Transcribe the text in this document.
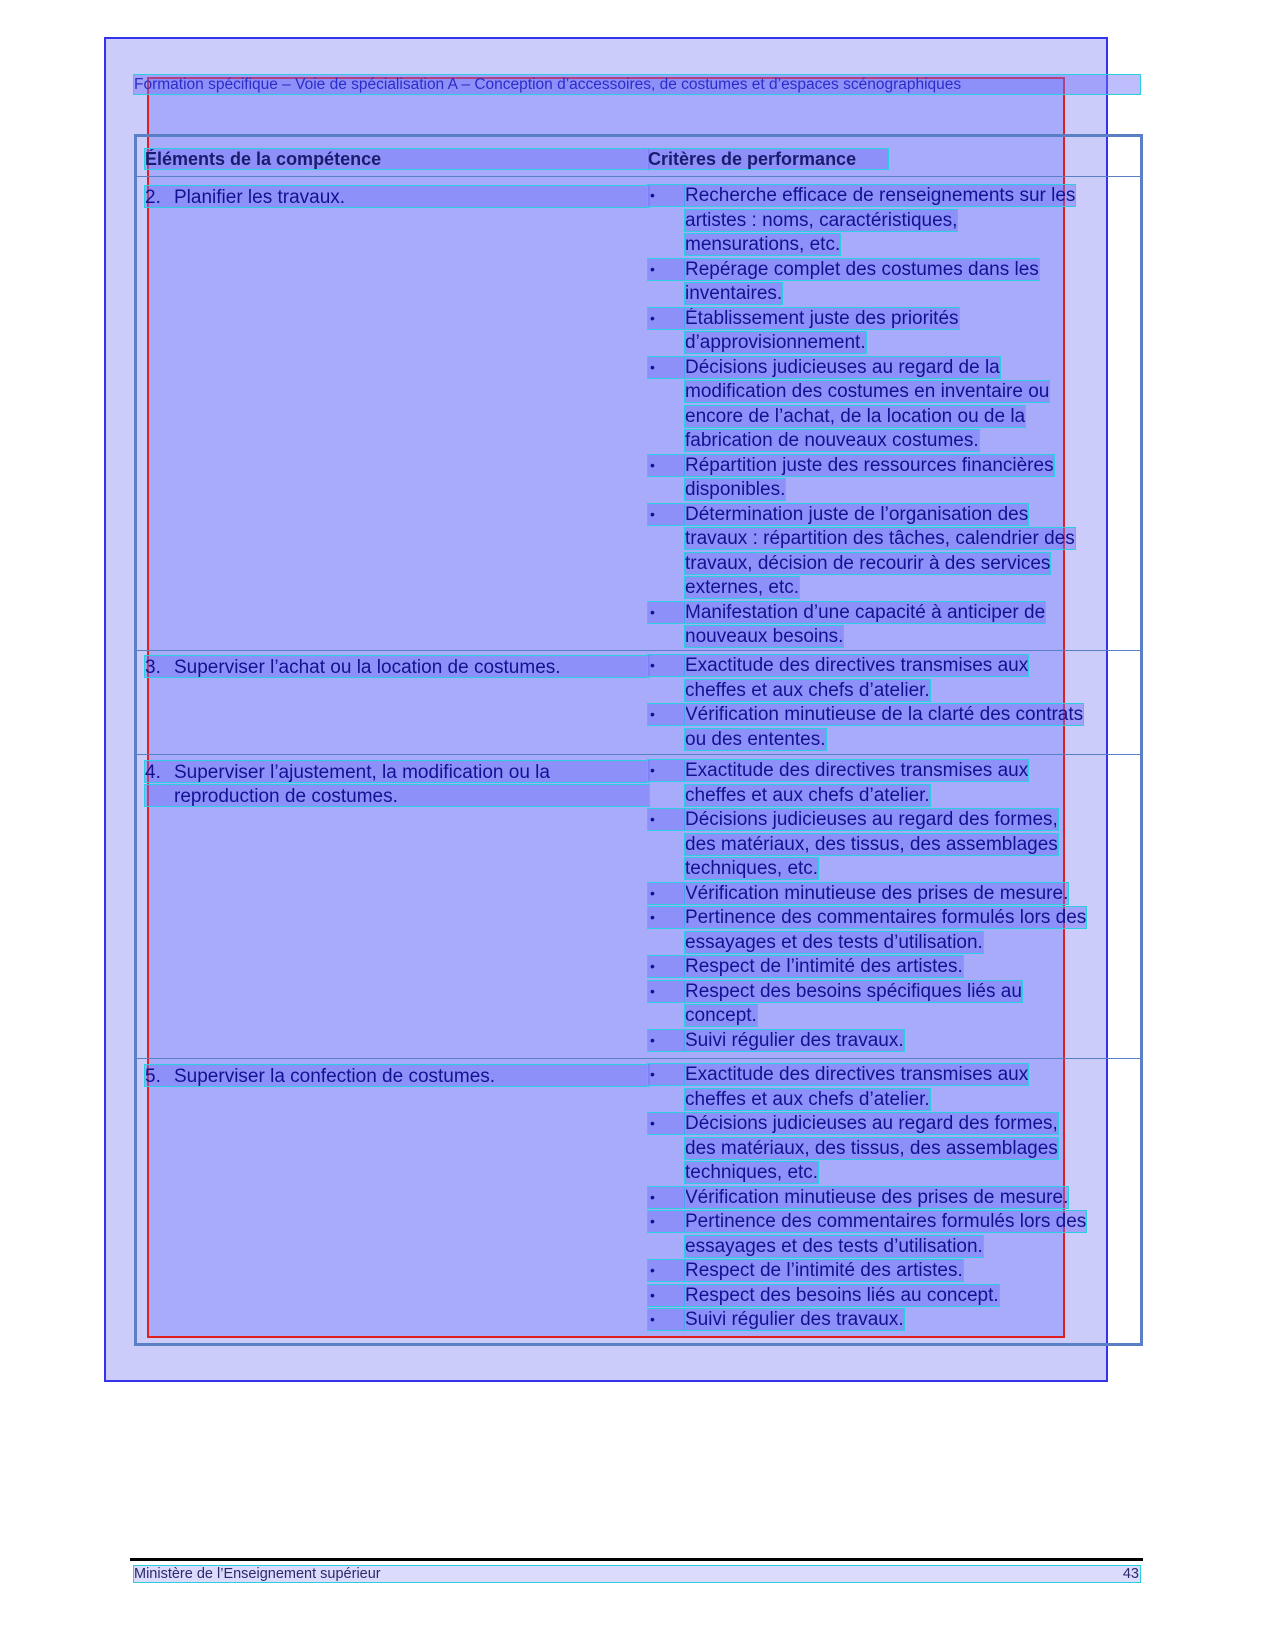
Formation spécifique – Voie de spécialisation A – Conception d’accessoires, de costumes et d’espaces scénographiques
Éléments de la compétence	Critères de performance
2. Planifier les travaux.	•	Recherche efficace de renseignements sur les
artistes : noms, caractéristiques,
mensurations, etc.
•	Repérage complet des costumes dans les
inventaires.
•	Établissement juste des priorités
d’approvisionnement.
•	Décisions judicieuses au regard de la
modification des costumes en inventaire ou
encore de l’achat, de la location ou de la
fabrication de nouveaux costumes.
•	Répartition juste des ressources financières
disponibles.
•	Détermination juste de l’organisation des
travaux : répartition des tâches, calendrier des
travaux, décision de recourir à des services
externes, etc.
•	Manifestation d’une capacité à anticiper de
nouveaux besoins.
3. Superviser l’achat ou la location de costumes.	•	Exactitude des directives transmises aux
cheffes et aux chefs d’atelier.
•	Vérification minutieuse de la clarté des contrats
ou des ententes.
4. Superviser l’ajustement, la modification ou la
reproduction de costumes.
•	Exactitude des directives transmises aux
cheffes et aux chefs d’atelier.
•	Décisions judicieuses au regard des formes,
des matériaux, des tissus, des assemblages
techniques, etc.
•	Vérification minutieuse des prises de mesure.
•	Pertinence des commentaires formulés lors des
essayages et des tests d’utilisation.
•	Respect de l’intimité des artistes.
•	Respect des besoins spécifiques liés au
concept.
•	Suivi régulier des travaux.
5. Superviser la confection de costumes.	•	Exactitude des directives transmises aux
cheffes et aux chefs d’atelier.
•	Décisions judicieuses au regard des formes,
des matériaux, des tissus, des assemblages
techniques, etc.
•	Vérification minutieuse des prises de mesure.
•	Pertinence des commentaires formulés lors des
essayages et des tests d’utilisation.
•	Respect de l’intimité des artistes.
•	Respect des besoins liés au concept.
•	Suivi régulier des travaux.
Ministère de l’Enseignement supérieur	43
